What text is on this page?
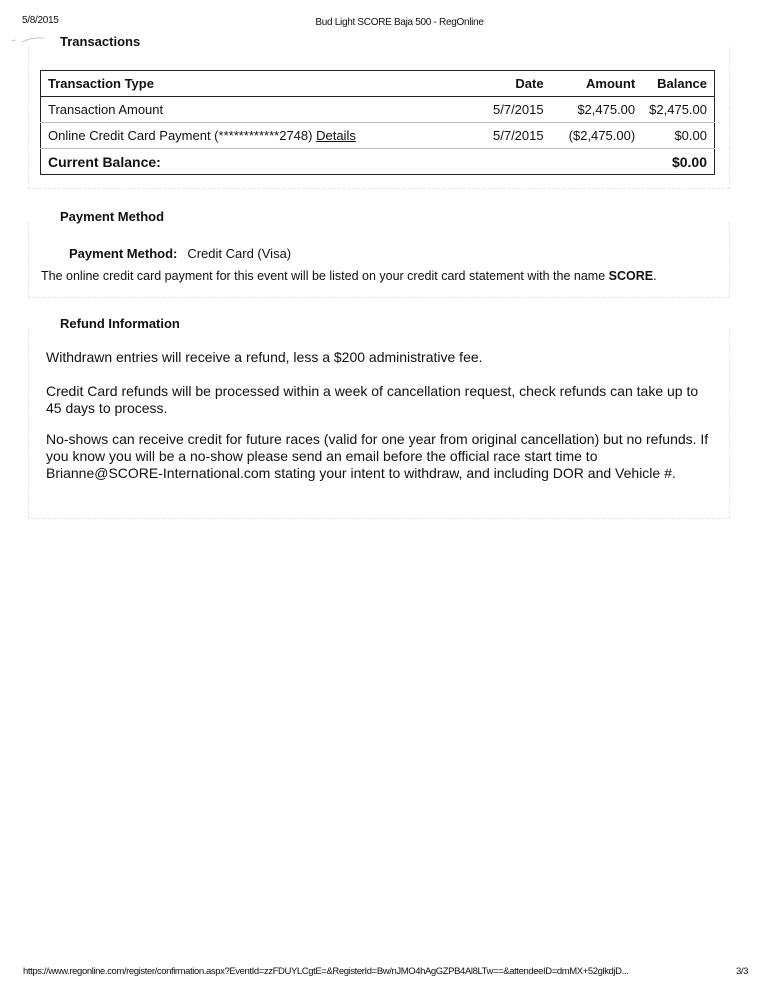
5/8/2015	Bud Light SCORE Baja 500 - RegOnline
Transactions
Transaction Type	Date	Amount	Balance
Transaction Amount	5/7/2015	$2,475.00	$2,475.00
Online Credit Card Payment (************2748) Details	5/7/2015	($2,475.00)	$0.00
Current Balance:			$0.00
Payment Method
Payment Method: Credit Card (Visa)
The online credit card payment for this event will be listed on your credit card statement with the name SCORE.
Refund Information
Withdrawn entries will receive a refund, less a $200 administrative fee.
Credit Card refunds will be processed within a week of cancellation request, check refunds can take up to 45 days to process.
No-shows can receive credit for future races (valid for one year from original cancellation) but no refunds. If you know you will be a no-show please send an email before the official race start time to Brianne@SCORE-International.com stating your intent to withdraw, and including DOR and Vehicle #.
https://www.regonline.com/register/confirmation.aspx?EventId=zzFDUYLCgtE=&RegisterId=Bw/nJMO4hAgGZPB4Al8LTw==&attendeeID=dmMX+52glkdjD...	3/3
